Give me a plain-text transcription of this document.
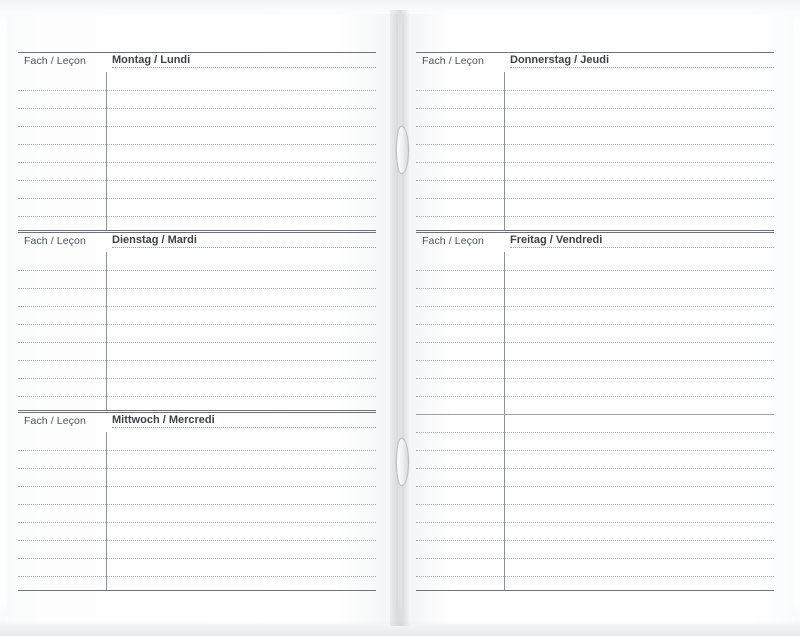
Fach / Leçon Montag / Lundi
Fach / Leçon Dienstag / Mardi
Fach / Leçon Mittwoch / Mercredi
Fach / Leçon Donnerstag / Jeudi
Fach / Leçon Freitag / Vendredi
